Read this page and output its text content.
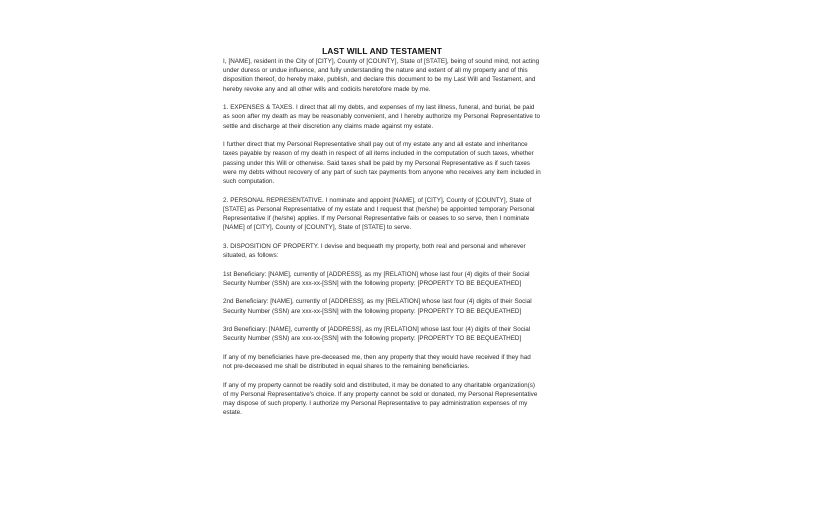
LAST WILL AND TESTAMENT

I, [NAME], resident in the City of [CITY], County of [COUNTY], State of [STATE], being of sound mind, not acting under duress or undue influence, and fully understanding the nature and extent of all my property and of this disposition thereof, do hereby make, publish, and declare this document to be my Last Will and Testament, and hereby revoke any and all other wills and codicils heretofore made by me.

1. EXPENSES & TAXES. I direct that all my debts, and expenses of my last illness, funeral, and burial, be paid as soon after my death as may be reasonably convenient, and I hereby authorize my Personal Representative to settle and discharge at their discretion any claims made against my estate.

I further direct that my Personal Representative shall pay out of my estate any and all estate and inheritance taxes payable by reason of my death in respect of all items included in the computation of such taxes, whether passing under this Will or otherwise. Said taxes shall be paid by my Personal Representative as if such taxes were my debts without recovery of any part of such tax payments from anyone who receives any item included in such computation.

2. PERSONAL REPRESENTATIVE. I nominate and appoint [NAME], of [CITY], County of [COUNTY], State of [STATE] as Personal Representative of my estate and I request that (he/she) be appointed temporary Personal Representative if (he/she) applies. If my Personal Representative fails or ceases to so serve, then I nominate [NAME] of [CITY], County of [COUNTY], State of [STATE] to serve.

3. DISPOSITION OF PROPERTY. I devise and bequeath my property, both real and personal and wherever situated, as follows:

1st Beneficiary: [NAME], currently of [ADDRESS], as my [RELATION] whose last four (4) digits of their Social Security Number (SSN) are xxx-xx-[SSN] with the following property: [PROPERTY TO BE BEQUEATHED]

2nd Beneficiary: [NAME], currently of [ADDRESS], as my [RELATION] whose last four (4) digits of their Social Security Number (SSN) are xxx-xx-[SSN] with the following property: [PROPERTY TO BE BEQUEATHED]

3rd Beneficiary: [NAME], currently of [ADDRESS], as my [RELATION] whose last four (4) digits of their Social Security Number (SSN) are xxx-xx-[SSN] with the following property: [PROPERTY TO BE BEQUEATHED]

If any of my beneficiaries have pre-deceased me, then any property that they would have received if they had not pre-deceased me shall be distributed in equal shares to the remaining beneficiaries.

If any of my property cannot be readily sold and distributed, it may be donated to any charitable organization(s) of my Personal Representative's choice. If any property cannot be sold or donated, my Personal Representative may dispose of such property. I authorize my Personal Representative to pay administration expenses of my estate.
